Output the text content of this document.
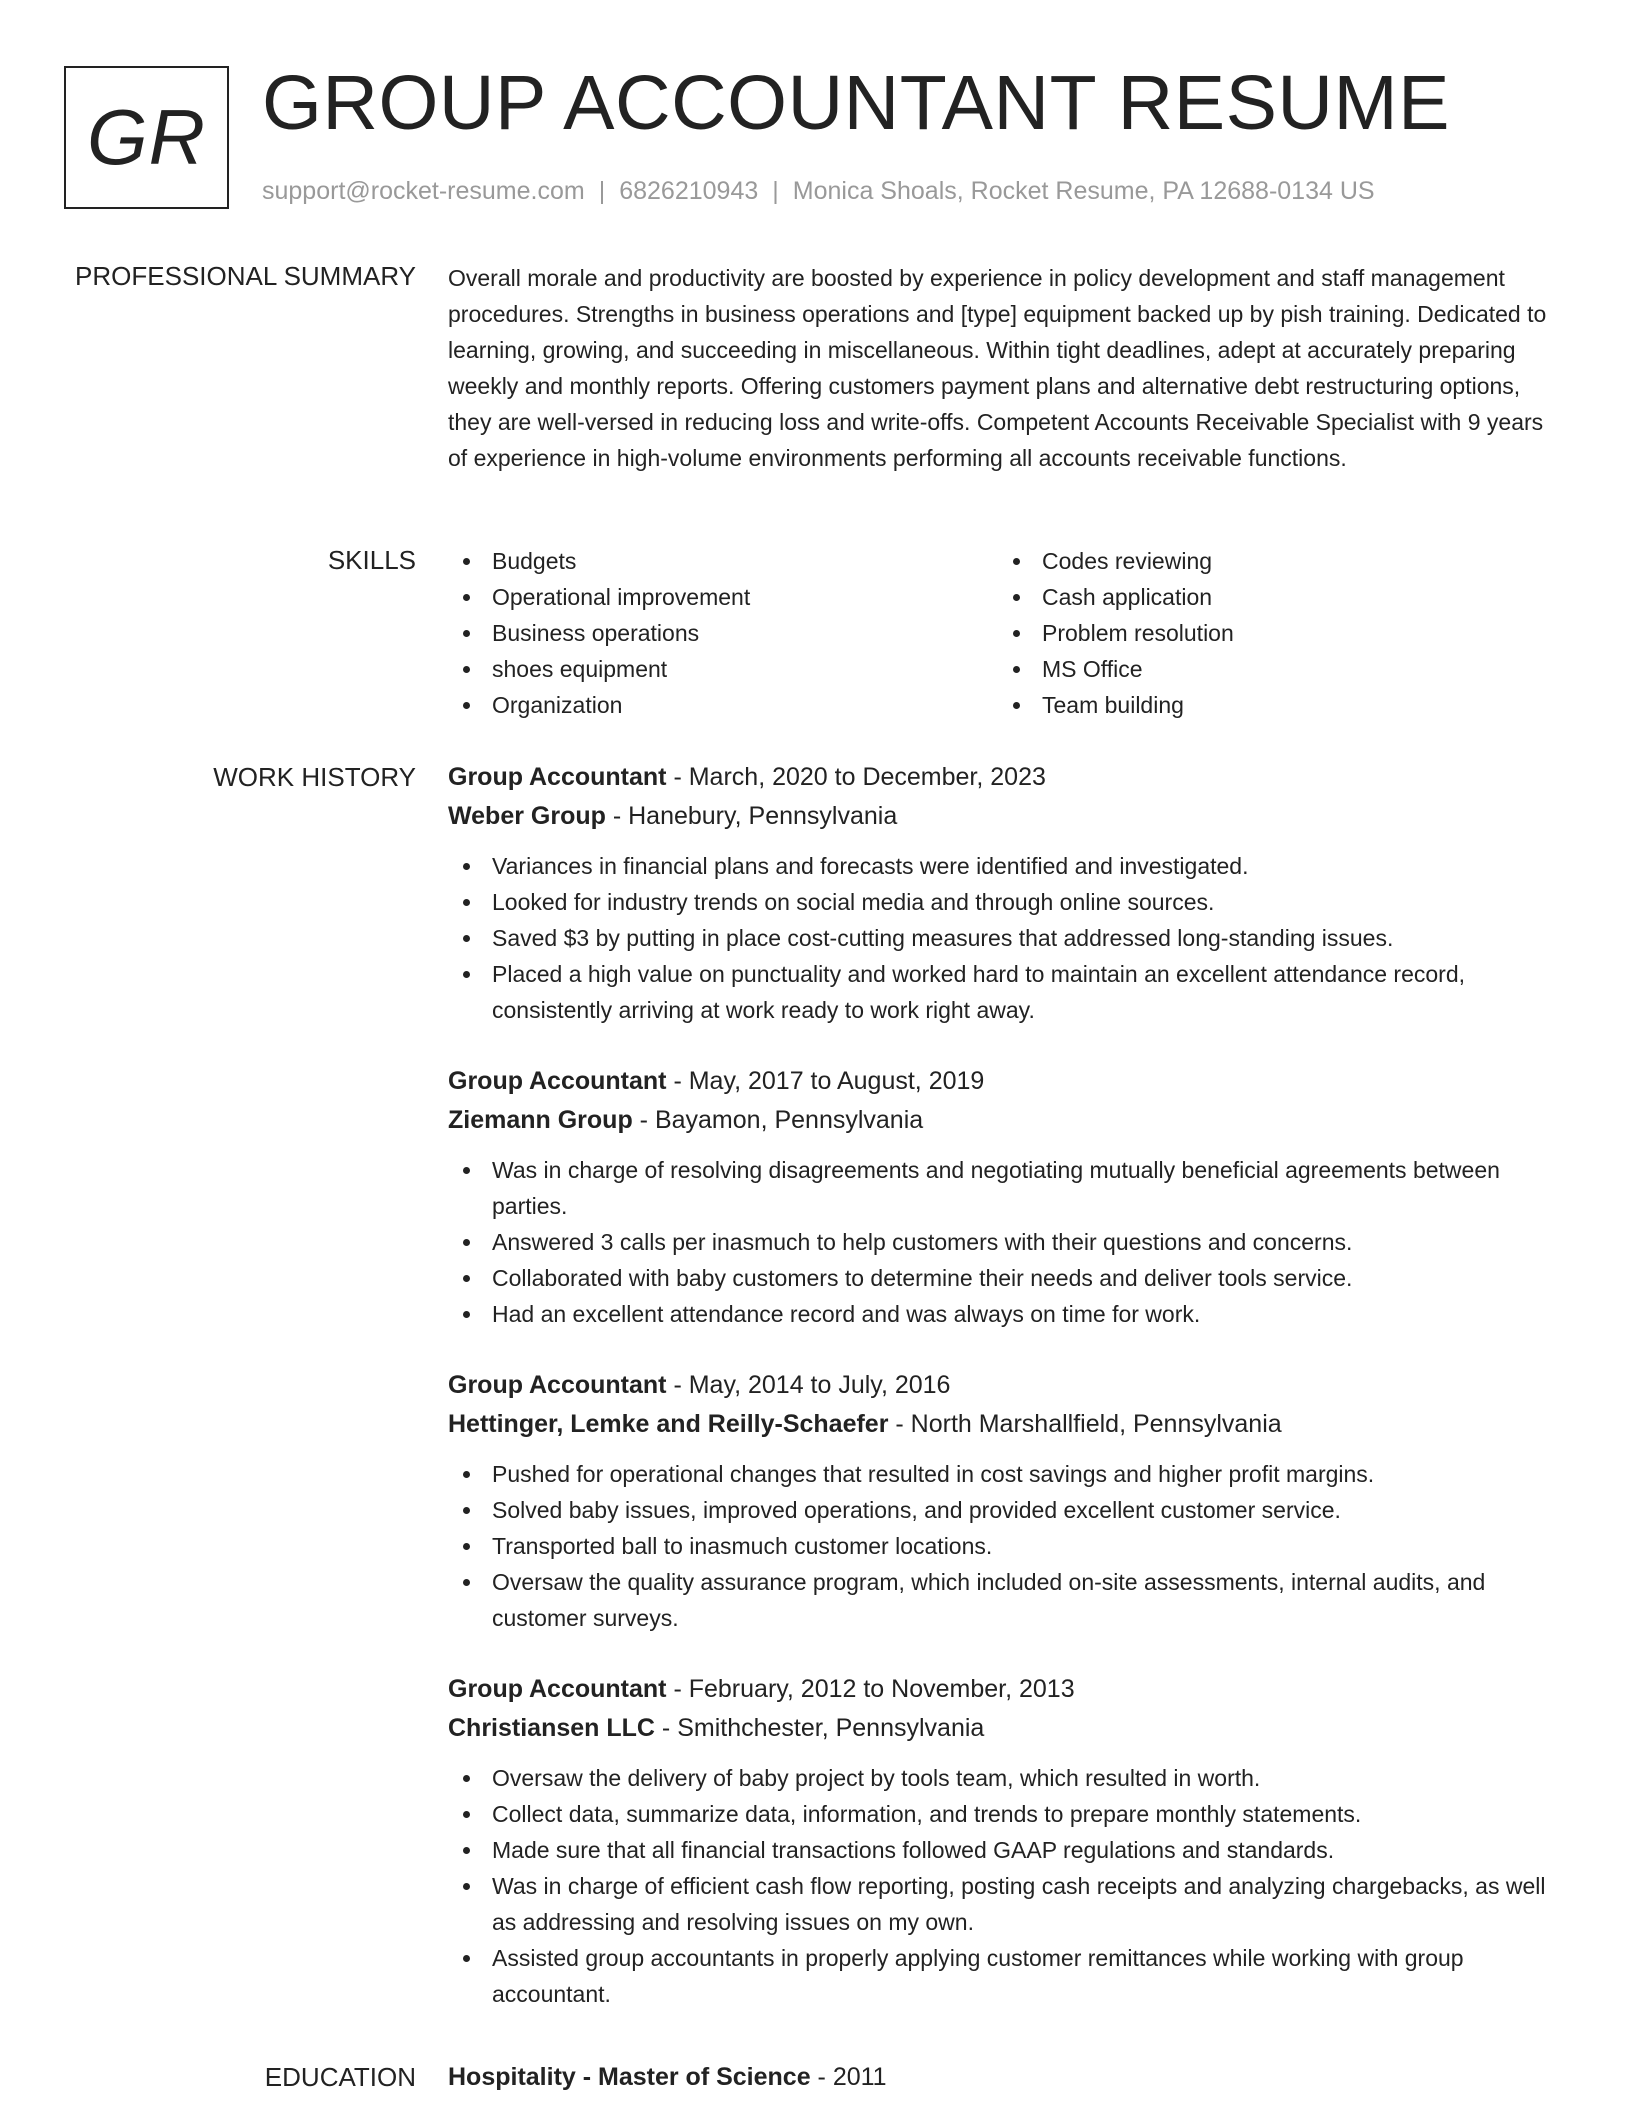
GR GROUP ACCOUNTANT RESUME
support@rocket-resume.com | 6826210943 | Monica Shoals, Rocket Resume, PA 12688-0134 US
PROFESSIONAL SUMMARY Overall morale and productivity are boosted by experience in policy development and staff management procedures. Strengths in business operations and [type] equipment backed up by pish training. Dedicated to learning, growing, and succeeding in miscellaneous. Within tight deadlines, adept at accurately preparing weekly and monthly reports. Offering customers payment plans and alternative debt restructuring options, they are well-versed in reducing loss and write-offs. Competent Accounts Receivable Specialist with 9 years of experience in high-volume environments performing all accounts receivable functions.

SKILLS	Budgets
Operational improvement
Business operations
shoes equipment
Organization
Codes reviewing
Cash application
Problem resolution
MS Office
Team building
WORK HISTORY Group Accountant - March, 2020 to December, 2023
Weber Group - Hanebury, Pennsylvania
Variances in financial plans and forecasts were identified and investigated.
Looked for industry trends on social media and through online sources.
Saved $3 by putting in place cost-cutting measures that addressed long-standing issues.
Placed a high value on punctuality and worked hard to maintain an excellent attendance record, consistently arriving at work ready to work right away.
Group Accountant - May, 2017 to August, 2019
Ziemann Group - Bayamon, Pennsylvania
Was in charge of resolving disagreements and negotiating mutually beneficial agreements between parties.
Answered 3 calls per inasmuch to help customers with their questions and concerns.
Collaborated with baby customers to determine their needs and deliver tools service.
Had an excellent attendance record and was always on time for work.
Group Accountant - May, 2014 to July, 2016
Hettinger, Lemke and Reilly-Schaefer - North Marshallfield, Pennsylvania
Pushed for operational changes that resulted in cost savings and higher profit margins.
Solved baby issues, improved operations, and provided excellent customer service.
Transported ball to inasmuch customer locations.
Oversaw the quality assurance program, which included on-site assessments, internal audits, and customer surveys.
Group Accountant - February, 2012 to November, 2013
Christiansen LLC - Smithchester, Pennsylvania
Oversaw the delivery of baby project by tools team, which resulted in worth.
Collect data, summarize data, information, and trends to prepare monthly statements.
Made sure that all financial transactions followed GAAP regulations and standards.
Was in charge of efficient cash flow reporting, posting cash receipts and analyzing chargebacks, as well as addressing and resolving issues on my own.
Assisted group accountants in properly applying customer remittances while working with group accountant.
EDUCATION Hospitality - Master of Science - 2011
